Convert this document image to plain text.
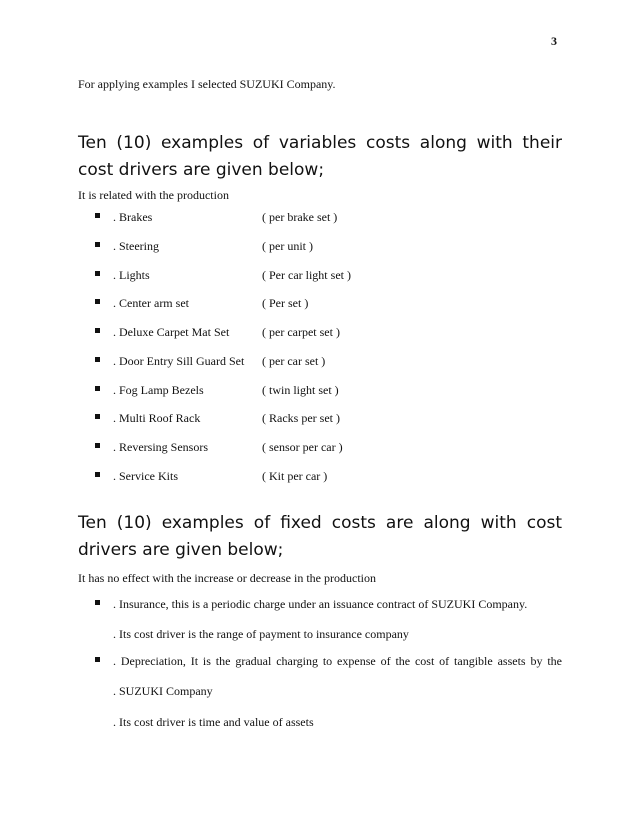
3
For applying examples I selected SUZUKI Company.
Ten (10) examples of variables costs along with their cost drivers are given below;
It is related with the production
. Brakes	( per brake set )
. Steering	( per unit )
. Lights	( Per car light set )
. Center arm set	( Per set )
. Deluxe Carpet Mat Set	( per carpet set )
. Door Entry Sill Guard Set ( per car set )
. Fog Lamp Bezels	( twin light set )
. Multi Roof Rack	( Racks per set )
. Reversing Sensors	( sensor per car )
. Service Kits	( Kit per car )
Ten (10) examples of fixed costs are along with cost drivers are given below;
It has no effect with the increase or decrease in the production
. Insurance, this is a periodic charge under an issuance contract of SUZUKI Company.
. Its cost driver is the range of payment to insurance company
. Depreciation, It is the gradual charging to expense of the cost of tangible assets by the
. SUZUKI Company
. Its cost driver is time and value of assets
